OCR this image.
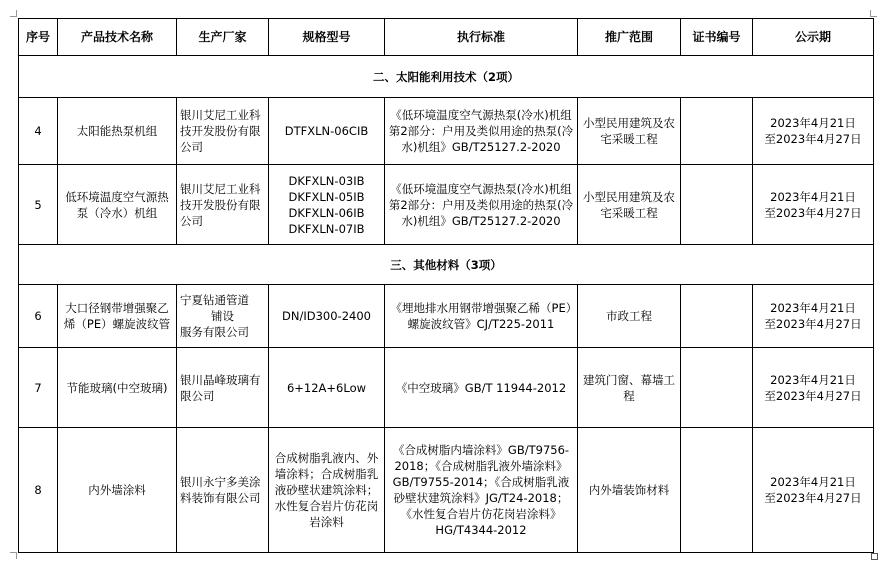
序号	产品技术名称	生产厂家	规格型号	执行标准	推广范围	证书编号	公示期
二、太阳能利用技术（2项）							
4	太阳能热泵机组	银川艾尼工业科技开发股份有限公司	DTFXLN-06CIB	《低环境温度空气源热泵(冷水)机组第2部分：户用及类似用途的热泵(冷水)机组》GB/T25127.2-2020	小型民用建筑及农宅采暖工程		2023年4月21日
至2023年4月27日

5	低环境温度空气源热泵（冷水）机组	银川艾尼工业科技开发股份有限公司	DKFXLN-03IB
DKFXLN-05IB
DKFXLN-06IB
DKFXLN-07IB	《低环境温度空气源热泵(冷水)机组第2部分：户用及类似用途的热泵(冷水)机组》GB/T25127.2-2020	小型民用建筑及农宅采暖工程		2023年4月21日
至2023年4月27日

三、其他材料（3项）							
6	大口径钢带增强聚乙烯（PE）螺旋波纹管	宁夏钻通管道
铺设
服务有限公司	DN/ID300-2400	《埋地排水用钢带增强聚乙稀（PE）螺旋波纹管》CJ/T225-2011	市政工程		2023年4月21日
至2023年4月27日

7	节能玻璃(中空玻璃)	银川晶峰玻璃有限公司	6+12A+6Low	《中空玻璃》GB/T 11944-2012	建筑门窗、幕墙工程		2023年4月21日
至2023年4月27日

8	内外墙涂料	银川永宁多美涂料装饰有限公司	合成树脂乳液内、外墙涂料；合成树脂乳液砂壁状建筑涂料；水性复合岩片仿花岗岩涂料	《合成树脂内墙涂料》GB/T9756-2018；《合成树脂乳液外墙涂料》GB/T9755-2014；《合成树脂乳液砂壁状建筑涂料》JG/T24-2018；《水性复合岩片仿花岗岩涂料》HG/T4344-2012	内外墙装饰材料		2023年4月21日
至2023年4月27日
